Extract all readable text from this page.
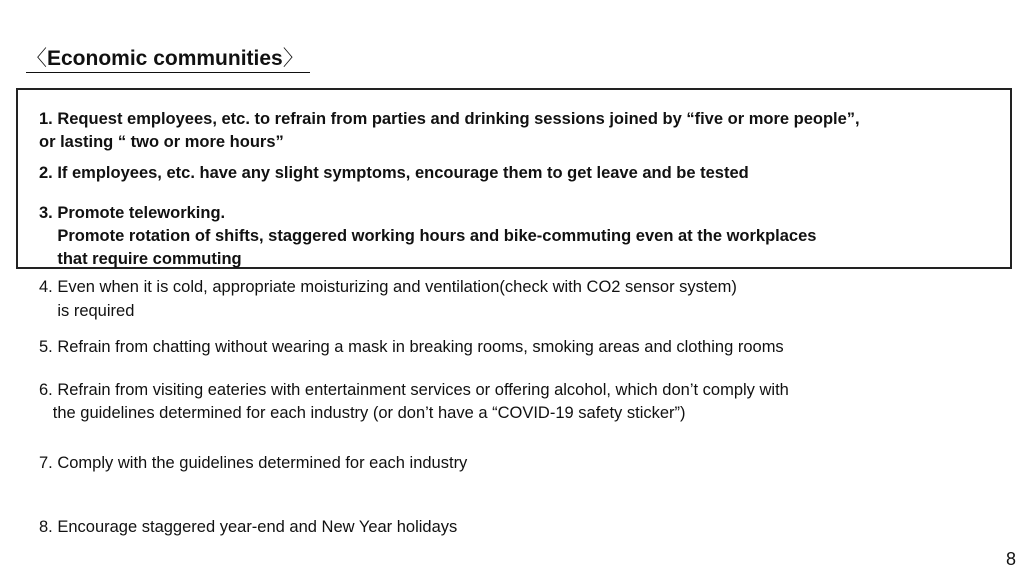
〈Economic communities〉
1. Request employees, etc. to refrain from parties and drinking sessions joined by “five or more people”,
or lasting “ two or more hours”
2. If employees, etc. have any slight symptoms, encourage them to get leave and be tested
3. Promote teleworking.
Promote rotation of shifts, staggered working hours and bike-commuting even at the workplaces
that require commuting
4. Even when it is cold, appropriate moisturizing and ventilation(check with CO2 sensor system)
is required
5. Refrain from chatting without wearing a mask in breaking rooms, smoking areas and clothing rooms
6. Refrain from visiting eateries with entertainment services or offering alcohol, which don’t comply with
the guidelines determined for each industry (or don’t have a “COVID-19 safety sticker”)
7. Comply with the guidelines determined for each industry
8. Encourage staggered year-end and New Year holidays
8
